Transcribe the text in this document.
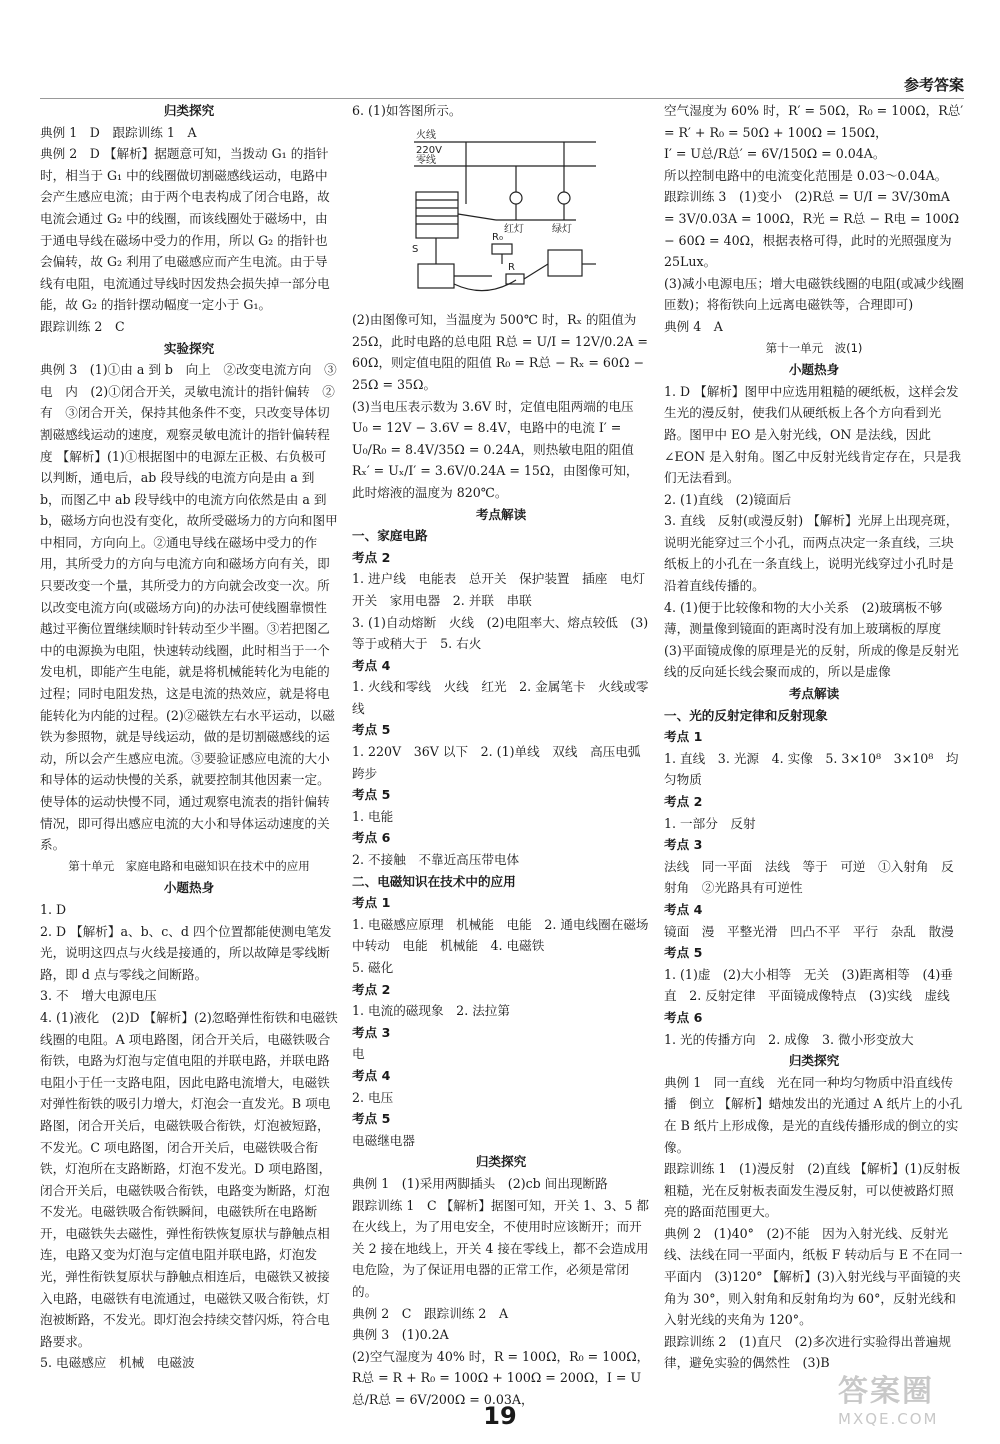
参考答案

归类探究

典例 1　D　跟踪训练 1　A

典例 2　D 【解析】据题意可知，当拨动 G₁ 的指针时，相当于 G₁ 中的线圈做切割磁感线运动，电路中会产生感应电流；由于两个电表构成了闭合电路，故电流会通过 G₂ 中的线圈，而该线圈处于磁场中，由于通电导线在磁场中受力的作用，所以 G₂ 的指针也会偏转，故 G₂ 利用了电磁感应而产生电流。由于导线有电阻，电流通过导线时因发热会损失掉一部分电能，故 G₂ 的指针摆动幅度一定小于 G₁。

跟踪训练 2　C

实验探究

典例 3　(1)①由 a 到 b　向上　②改变电流方向　③电　内　(2)①闭合开关，灵敏电流计的指针偏转　②有　③闭合开关，保持其他条件不变，只改变导体切割磁感线运动的速度，观察灵敏电流计的指针偏转程度 【解析】(1)①根据图中的电源左正极、右负极可以判断，通电后，ab 段导线的电流方向是由 a 到 b，而图乙中 ab 段导线中的电流方向依然是由 a 到 b，磁场方向也没有变化，故所受磁场力的方向和图甲中相同，方向向上。②通电导线在磁场中受力的作用，其所受力的方向与电流方向和磁场方向有关，即只要改变一个量，其所受力的方向就会改变一次。所以改变电流方向(或磁场方向)的办法可使线圈靠惯性越过平衡位置继续顺时针转动至少半圈。③若把图乙中的电源换为电阻，快速转动线圈，此时相当于一个发电机，即能产生电能，就是将机械能转化为电能的过程；同时电阻发热，这是电流的热效应，就是将电能转化为内能的过程。(2)②磁铁左右水平运动，以磁铁为参照物，就是导线运动，做的是切割磁感线的运动，所以会产生感应电流。③要验证感应电流的大小和导体的运动快慢的关系，就要控制其他因素一定。使导体的运动快慢不同，通过观察电流表的指针偏转情况，即可得出感应电流的大小和导体运动速度的关系。

第十单元　家庭电路和电磁知识在技术中的应用

小题热身

1. D

2. D 【解析】a、b、c、d 四个位置都能使测电笔发光，说明这四点与火线是接通的，所以故障是零线断路，即 d 点与零线之间断路。

3. 不　增大电源电压

4. (1)液化　(2)D 【解析】(2)忽略弹性衔铁和电磁铁线圈的电阻。A 项电路图，闭合开关后，电磁铁吸合衔铁，电路为灯泡与定值电阻的并联电路，并联电路电阻小于任一支路电阻，因此电路电流增大，电磁铁对弹性衔铁的吸引力增大，灯泡会一直发光。B 项电路图，闭合开关后，电磁铁吸合衔铁，灯泡被短路，不发光。C 项电路图，闭合开关后，电磁铁吸合衔铁，灯泡所在支路断路，灯泡不发光。D 项电路图，闭合开关后，电磁铁吸合衔铁，电路变为断路，灯泡不发光。电磁铁吸合衔铁瞬间，电磁铁所在电路断开，电磁铁失去磁性，弹性衔铁恢复原状与静触点相连，电路又变为灯泡与定值电阻并联电路，灯泡发光，弹性衔铁复原状与静触点相连后，电磁铁又被接入电路，电磁铁有电流通过，电磁铁又吸合衔铁，灯泡被断路，不发光。即灯泡会持续交替闪烁，符合电路要求。

5. 电磁感应　机械　电磁波

6. (1)如答图所示。

火线
220V
零线
红灯	绿灯
S
R₀
R

(2)由图像可知，当温度为 500℃ 时，Rₓ 的阻值为 25Ω，此时电路的总电阻 R总 = U/I = 12V/0.2A = 60Ω，则定值电阻的阻值 R₀ = R总 − Rₓ = 60Ω − 25Ω = 35Ω。

(3)当电压表示数为 3.6V 时，定值电阻两端的电压 U₀ = 12V − 3.6V = 8.4V，电路中的电流 I′ = U₀/R₀ = 8.4V/35Ω = 0.24A，则热敏电阻的阻值 Rₓ′ = Uₓ/I′ = 3.6V/0.24A = 15Ω，由图像可知，此时熔液的温度为 820℃。

考点解读

一、家庭电路

考点 2

1. 进户线　电能表　总开关　保护装置　插座　电灯　开关　家用电器　2. 并联　串联

3. (1)自动熔断　火线　(2)电阻率大、熔点较低　(3)等于或稍大于　5. 右火

考点 4

1. 火线和零线　火线　红光　2. 金属笔卡　火线或零线

考点 5

1. 220V　36V 以下　2. (1)单线　双线　高压电弧　跨步

考点 5

1. 电能

考点 6

2. 不接触　不靠近高压带电体

二、电磁知识在技术中的应用

考点 1

1. 电磁感应原理　机械能　电能　2. 通电线圈在磁场中转动　电能　机械能　4. 电磁铁

5. 磁化

考点 2

1. 电流的磁现象　2. 法拉第

考点 3

电

考点 4

2. 电压

考点 5

电磁继电器

归类探究

典例 1　(1)采用两脚插头　(2)cb 间出现断路

跟踪训练 1　C 【解析】据图可知，开关 1、3、5 都在火线上，为了用电安全，不使用时应该断开；而开关 2 接在地线上，开关 4 接在零线上，都不会造成用电危险，为了保证用电器的正常工作，必须是常闭的。

典例 2　C　跟踪训练 2　A

典例 3　(1)0.2A

(2)空气湿度为 40% 时，R = 100Ω，R₀ = 100Ω，R总 = R + R₀ = 100Ω + 100Ω = 200Ω，I = U总/R总 = 6V/200Ω = 0.03A，

空气湿度为 60% 时，R′ = 50Ω，R₀ = 100Ω，R总′ = R′ + R₀ = 50Ω + 100Ω = 150Ω，

I′ = U总/R总′ = 6V/150Ω = 0.04A。

所以控制电路中的电流变化范围是 0.03～0.04A。

跟踪训练 3　(1)变小　(2)R总 = U/I = 3V/30mA = 3V/0.03A = 100Ω，R光 = R总 − R电 = 100Ω − 60Ω = 40Ω，根据表格可得，此时的光照强度为 25Lux。

(3)减小电源电压；增大电磁铁线圈的电阻(或减少线圈匝数)；将衔铁向上远离电磁铁等，合理即可)

典例 4　A

第十一单元　波(1)

小题热身

1. D 【解析】图甲中应选用粗糙的硬纸板，这样会发生光的漫反射，使我们从硬纸板上各个方向看到光路。图甲中 EO 是入射光线，ON 是法线，因此 ∠EON 是入射角。图乙中反射光线肯定存在，只是我们无法看到。

2. (1)直线　(2)镜面后

3. 直线　反射(或漫反射) 【解析】光屏上出现亮斑，说明光能穿过三个小孔，而两点决定一条直线，三块纸板上的小孔在一条直线上，说明光线穿过小孔时是沿着直线传播的。

4. (1)便于比较像和物的大小关系　(2)玻璃板不够薄，测量像到镜面的距离时没有加上玻璃板的厚度　(3)平面镜成像的原理是光的反射，所成的像是反射光线的反向延长线会聚而成的，所以是虚像

考点解读

一、光的反射定律和反射现象

考点 1

1. 直线　3. 光源　4. 实像　5. 3×10⁸　3×10⁸　均匀物质

考点 2

1. 一部分　反射

考点 3

法线　同一平面　法线　等于　可逆　①入射角　反射角　②光路具有可逆性

考点 4

镜面　漫　平整光滑　凹凸不平　平行　杂乱　散漫

考点 5

1. (1)虚　(2)大小相等　无关　(3)距离相等　(4)垂直　2. 反射定律　平面镜成像特点　(3)实线　虚线

考点 6

1. 光的传播方向　2. 成像　3. 微小形变放大

归类探究

典例 1　同一直线　光在同一种均匀物质中沿直线传播　倒立 【解析】蜡烛发出的光通过 A 纸片上的小孔在 B 纸片上形成像，是光的直线传播形成的倒立的实像。

跟踪训练 1　(1)漫反射　(2)直线 【解析】(1)反射板粗糙，光在反射板表面发生漫反射，可以使被路灯照亮的路面范围更大。

典例 2　(1)40°　(2)不能　因为入射光线、反射光线、法线在同一平面内，纸板 F 转动后与 E 不在同一平面内　(3)120° 【解析】(3)入射光线与平面镜的夹角为 30°，则入射角和反射角均为 60°，反射光线和入射光线的夹角为 120°。

跟踪训练 2　(1)直尺　(2)多次进行实验得出普遍规律，避免实验的偶然性　(3)B

19
答案圈
MXQE.COM
